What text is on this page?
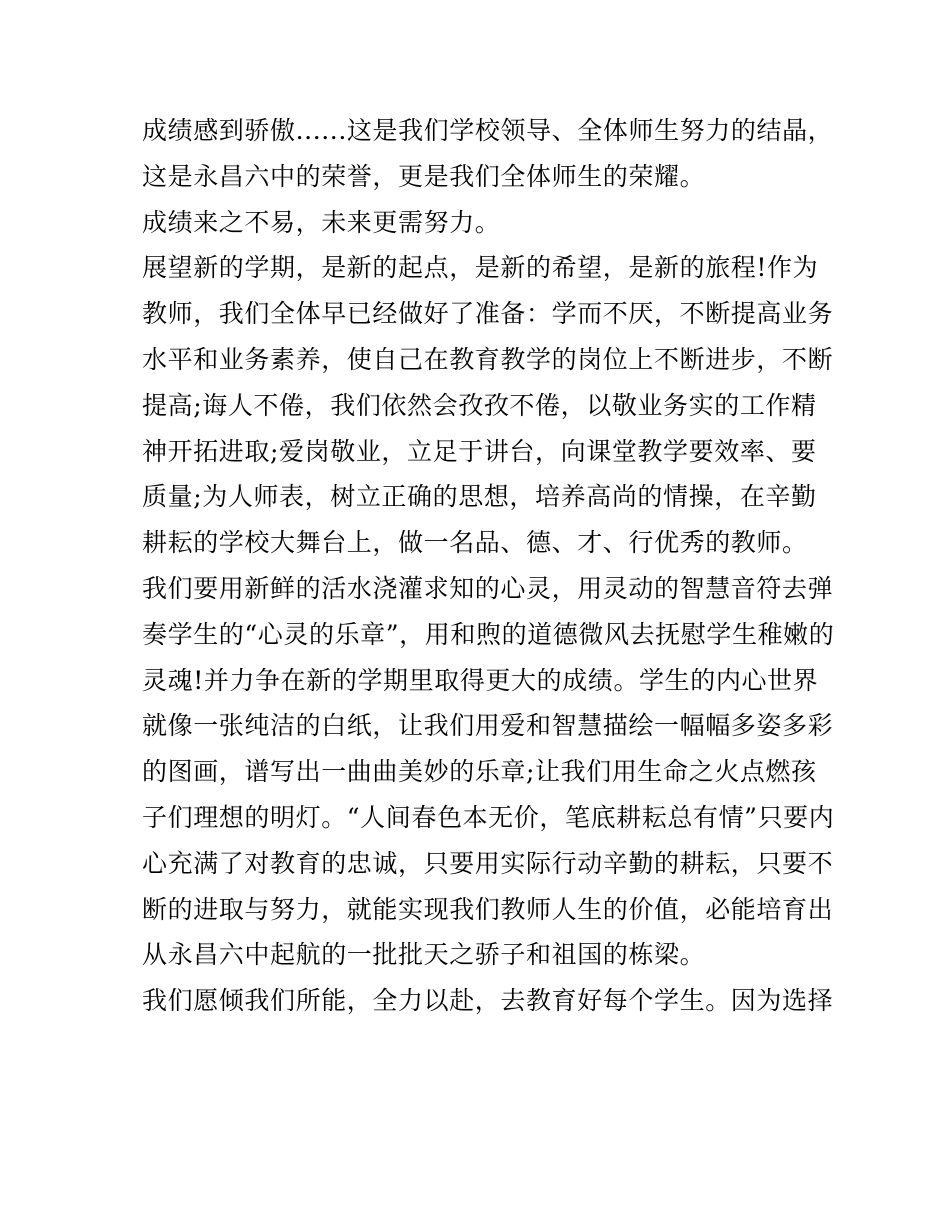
成绩感到骄傲......这是我们学校领导、全体师生努力的结晶，
这是永昌六中的荣誉，更是我们全体师生的荣耀。
成绩来之不易，未来更需努力。
展望新的学期，是新的起点，是新的希望，是新的旅程!作为
教师，我们全体早已经做好了准备：学而不厌，不断提高业务
水平和业务素养，使自己在教育教学的岗位上不断进步，不断
提高;诲人不倦，我们依然会孜孜不倦，以敬业务实的工作精
神开拓进取;爱岗敬业，立足于讲台，向课堂教学要效率、要
质量;为人师表，树立正确的思想，培养高尚的情操，在辛勤
耕耘的学校大舞台上，做一名品、德、才、行优秀的教师。
我们要用新鲜的活水浇灌求知的心灵，用灵动的智慧音符去弹
奏学生的“心灵的乐章”，用和煦的道德微风去抚慰学生稚嫩的
灵魂!并力争在新的学期里取得更大的成绩。学生的内心世界
就像一张纯洁的白纸，让我们用爱和智慧描绘一幅幅多姿多彩
的图画，谱写出一曲曲美妙的乐章;让我们用生命之火点燃孩
子们理想的明灯。“人间春色本无价，笔底耕耘总有情”只要内
心充满了对教育的忠诚，只要用实际行动辛勤的耕耘，只要不
断的进取与努力，就能实现我们教师人生的价值，必能培育出
从永昌六中起航的一批批天之骄子和祖国的栋梁。
我们愿倾我们所能，全力以赴，去教育好每个学生。因为选择
